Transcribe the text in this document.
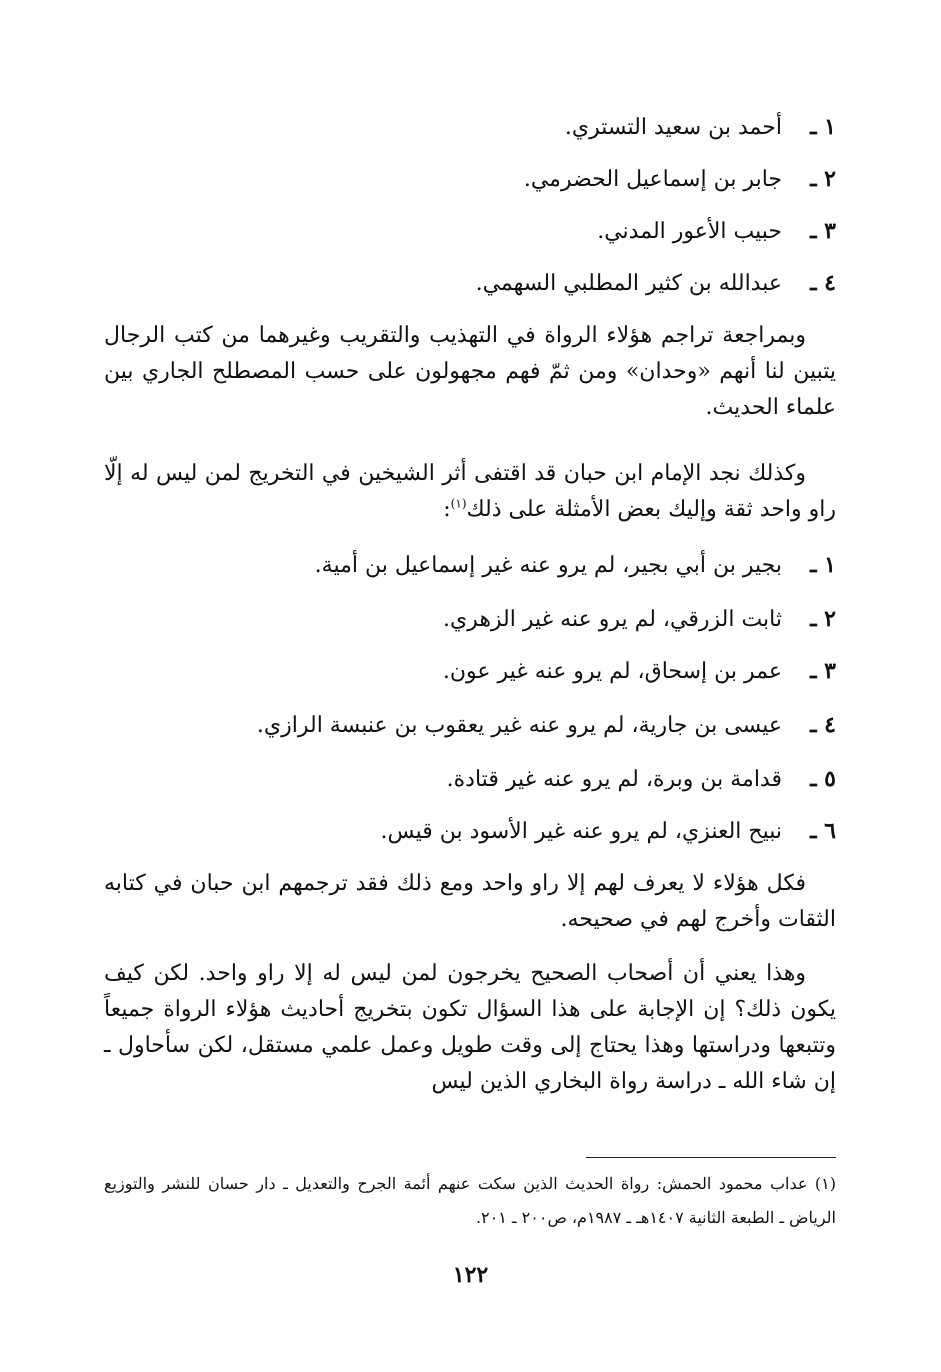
١ ـأحمد بن سعيد التستري.
٢ ـجابر بن إسماعيل الحضرمي.
٣ ـحبيب الأعور المدني.
٤ ـعبدالله بن كثير المطلبي السهمي.
وبمراجعة تراجم هؤلاء الرواة في التهذيب والتقريب وغيرهما من كتب الرجال يتبين لنا أنهم «وحدان» ومن ثمّ فهم مجهولون على حسب المصطلح الجاري بين علماء الحديث.
وكذلك نجد الإمام ابن حبان قد اقتفى أثر الشيخين في التخريج لمن ليس له إلّا راو واحد ثقة وإليك بعض الأمثلة على ذلك$^{(١)}$:
١ ـبجير بن أبي بجير، لم يرو عنه غير إسماعيل بن أمية.
٢ ـثابت الزرقي، لم يرو عنه غير الزهري.
٣ ـعمر بن إسحاق، لم يرو عنه غير عون.
٤ ـعيسى بن جارية، لم يرو عنه غير يعقوب بن عنبسة الرازي.
٥ ـقدامة بن وبرة، لم يرو عنه غير قتادة.
٦ ـنبيح العنزي، لم يرو عنه غير الأسود بن قيس.
فكل هؤلاء لا يعرف لهم إلا راو واحد ومع ذلك فقد ترجمهم ابن حبان في كتابه الثقات وأخرج لهم في صحيحه.
وهذا يعني أن أصحاب الصحيح يخرجون لمن ليس له إلا راو واحد. لكن كيف يكون ذلك؟ إن الإجابة على هذا السؤال تكون بتخريج أحاديث هؤلاء الرواة جميعاً وتتبعها ودراستها وهذا يحتاج إلى وقت طويل وعمل علمي مستقل، لكن سأحاول ـ إن شاء الله ـ دراسة رواة البخاري الذين ليس
(١) عداب محمود الحمش: رواة الحديث الذين سكت عنهم أئمة الجرح والتعديل ـ دار حسان للنشر والتوزيع الرياض ـ الطبعة الثانية ١٤٠٧هـ ـ ١٩٨٧م، ص٢٠٠ ـ ٢٠١.
١٢٢
